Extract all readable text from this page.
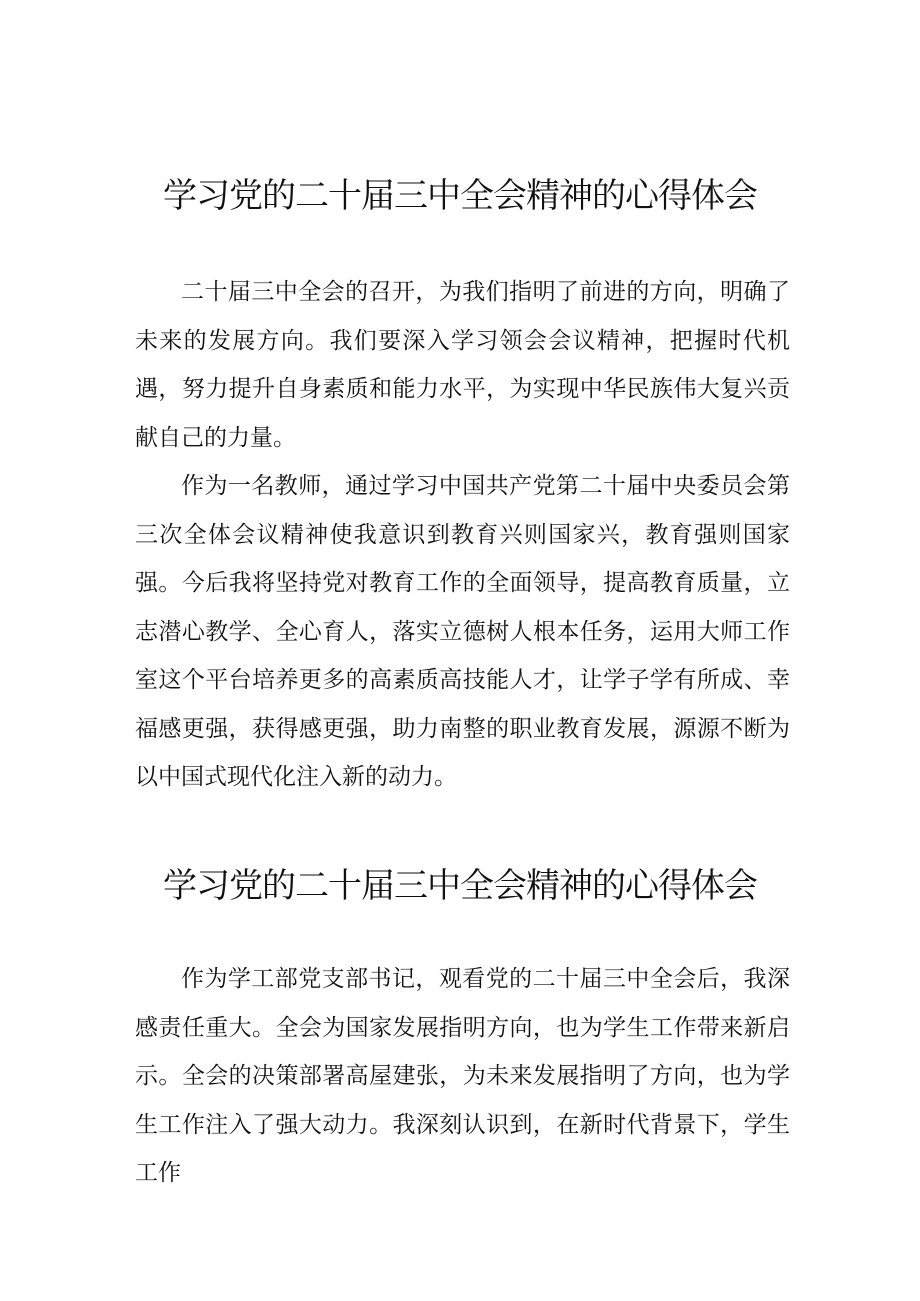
学习党的二十届三中全会精神的心得体会

二十届三中全会的召开，为我们指明了前进的方向，明确了未来的发展方向。我们要深入学习领会会议精神，把握时代机遇，努力提升自身素质和能力水平，为实现中华民族伟大复兴贡献自己的力量。

作为一名教师，通过学习中国共产党第二十届中央委员会第三次全体会议精神使我意识到教育兴则国家兴，教育强则国家强。今后我将坚持党对教育工作的全面领导，提高教育质量，立志潜心教学、全心育人，落实立德树人根本任务，运用大师工作室这个平台培养更多的高素质高技能人才，让学子学有所成、幸福感更强，获得感更强，助力南整的职业教育发展，源源不断为以中国式现代化注入新的动力。

学习党的二十届三中全会精神的心得体会

作为学工部党支部书记，观看党的二十届三中全会后，我深感责任重大。全会为国家发展指明方向，也为学生工作带来新启示。全会的决策部署高屋建张，为未来发展指明了方向，也为学生工作注入了强大动力。我深刻认识到，在新时代背景下，学生工作
